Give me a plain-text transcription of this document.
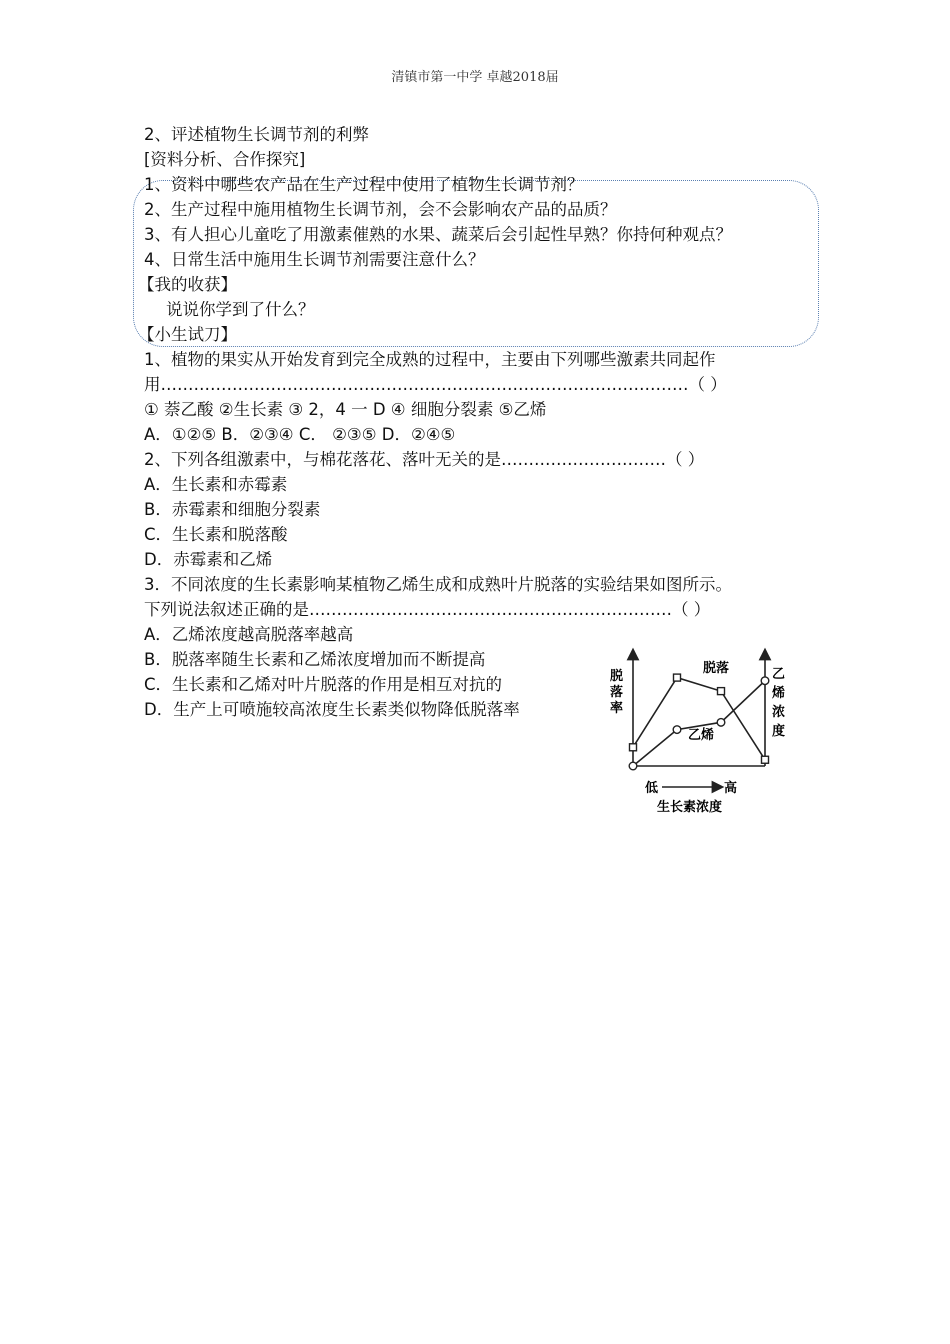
清镇市第一中学 卓越2018届
2、评述植物生长调节剂的利弊
[资料分析、合作探究]
1、资料中哪些农产品在生产过程中使用了植物生长调节剂？
2、生产过程中施用植物生长调节剂，会不会影响农产品的品质？
3、有人担心儿童吃了用激素催熟的水果、蔬菜后会引起性早熟？你持何种观点？
4、日常生活中施用生长调节剂需要注意什么？
【我的收获】
说说你学到了什么？
【小生试刀】
1、植物的果实从开始发育到完全成熟的过程中，主要由下列哪些激素共同起作
用……………………………………………………………………………………（ ）
① 萘乙酸 ②生长素 ③ 2，4 一 D ④ 细胞分裂素 ⑤乙烯
A．①②⑤ B．②③④ C． ②③⑤ D．②④⑤
2、下列各组激素中，与棉花落花、落叶无关的是…………………………（ ）
A．生长素和赤霉素
B．赤霉素和细胞分裂素
C．生长素和脱落酸
D．赤霉素和乙烯
3．不同浓度的生长素影响某植物乙烯生成和成熟叶片脱落的实验结果如图所示。
下列说法叙述正确的是…………………………………………………………（ ）
A．乙烯浓度越高脱落率越高
B．脱落率随生长素和乙烯浓度增加而不断提高
C．生长素和乙烯对叶片脱落的作用是相互对抗的
D．生产上可喷施较高浓度生长素类似物降低脱落率
脱
落
率
乙
烯
浓
度
低	高
生长素浓度
脱落
乙烯
